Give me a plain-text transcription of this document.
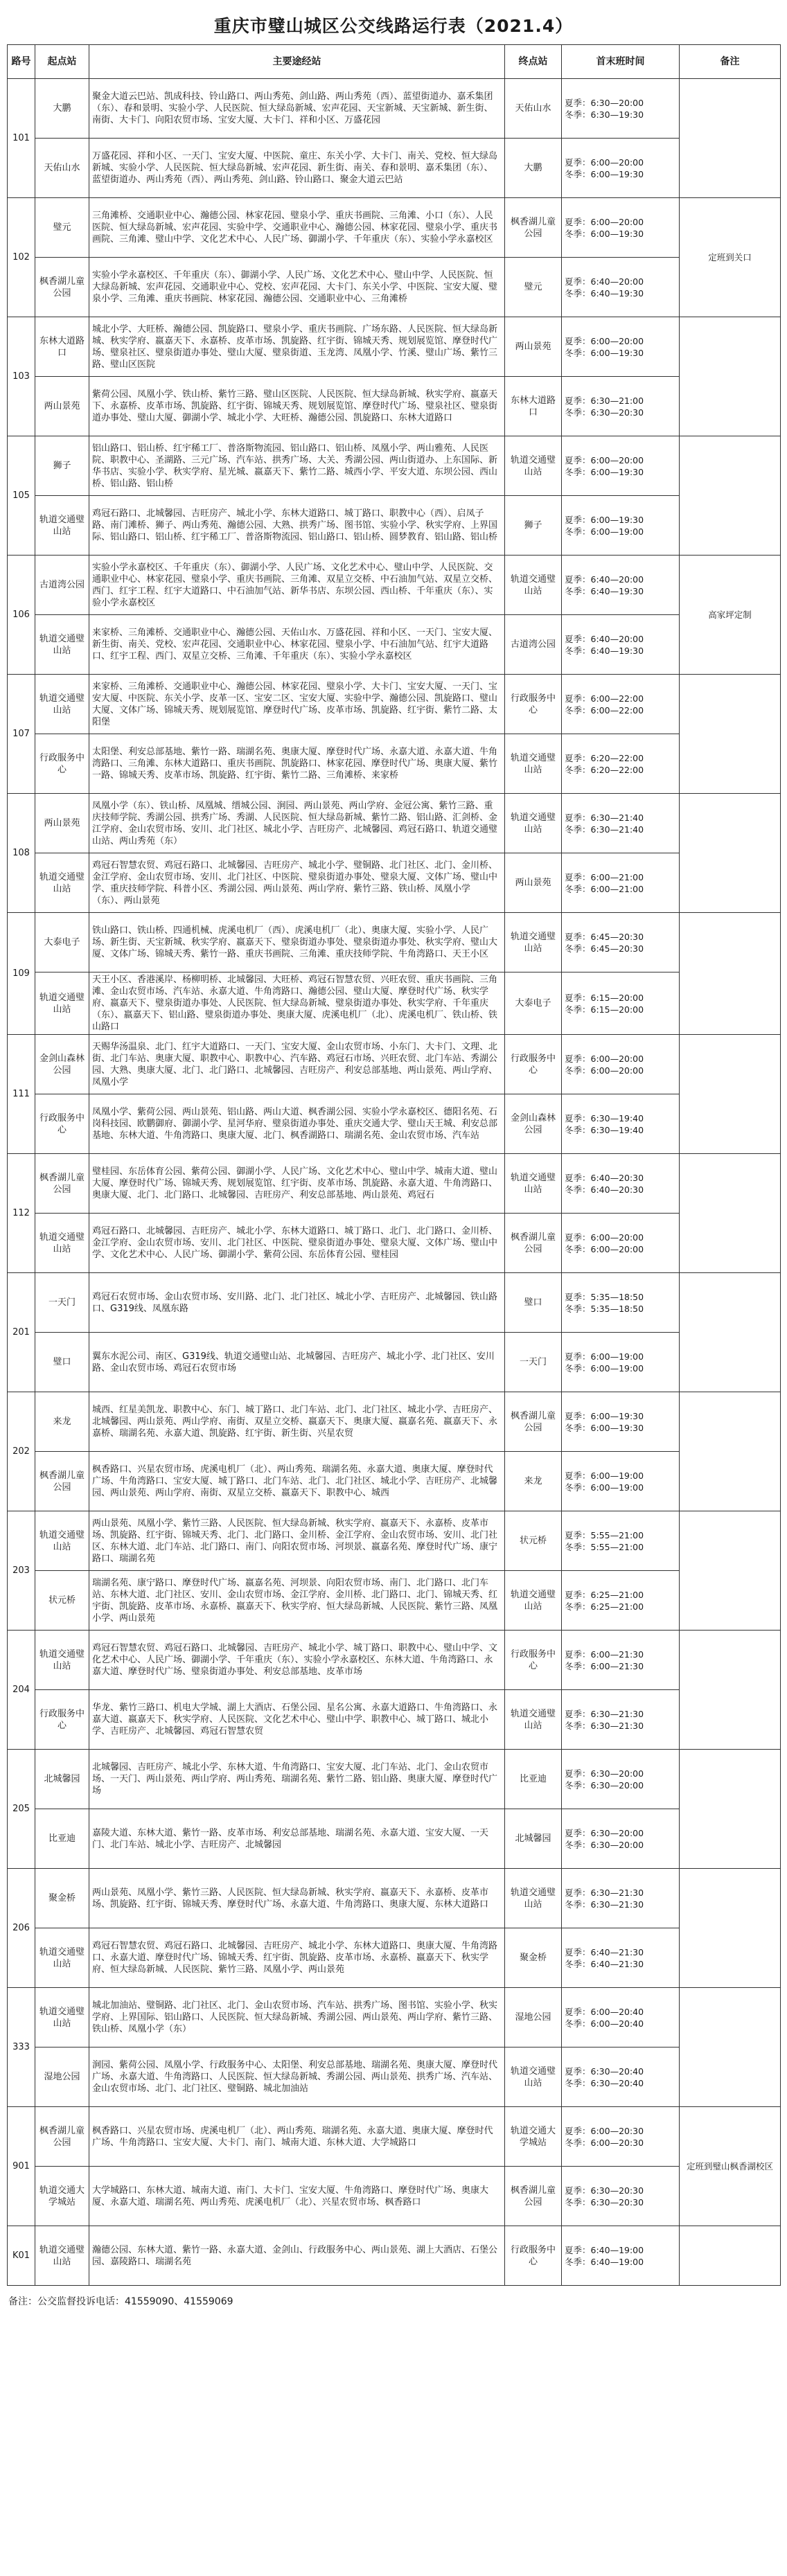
重庆市璧山城区公交线路运行表（2021.4）
路号	起点站	主要途经站	终点站	首末班时间	备注
101	大鹏	聚金大道云巴站、凯成科技、铃山路口、两山秀苑、剑山路、两山秀苑（西）、蓝望街道办、嘉禾集团（东）、春和景明、实验小学、人民医院、恒大绿岛新城、宏声花园、天宝新城、天宝新城、新生街、南街、大卡门、向阳农贸市场、宝安大厦、大卡门、祥和小区、万盛花园	天佑山水	夏季：6:30—20:00
冬季：6:30—19:30	
	天佑山水	万盛花园、祥和小区、一天门、宝安大厦、中医院、童庄、东关小学、大卡门、南关、党校、恒大绿岛新城、实验小学、人民医院、恒大绿岛新城、宏声花园、新生街、南关、春和景明、嘉禾集团（东）、蓝望街道办、两山秀苑（西）、两山秀苑、剑山路、铃山路口、聚金大道云巴站	大鹏	夏季：6:00—20:00
冬季：6:00—19:30	
102	璧元	三角滩桥、交通职业中心、瀚德公园、林家花园、璧泉小学、重庆书画院、三角滩、小口（东）、人民医院、恒大绿岛新城、宏声花园、实验中学、交通职业中心、瀚德公园、林家花园、璧泉小学、重庆书画院、三角滩、璧山中学、文化艺术中心、人民广场、御湖小学、千年重庆（东）、实验小学永嘉校区	枫香湖儿童公园	夏季：6:00—20:00
冬季：6:00—19:30	定班到关口
	枫香湖儿童公园	实验小学永嘉校区、千年重庆（东）、御湖小学、人民广场、文化艺术中心、璧山中学、人民医院、恒大绿岛新城、宏声花园、交通职业中心、党校、宏声花园、大卡门、东关小学、中医院、宝安大厦、璧泉小学、三角滩、重庆书画院、林家花园、瀚德公园、交通职业中心、三角滩桥	璧元	夏季：6:40—20:00
冬季：6:40—19:30	
103	东林大道路口	城北小学、大旺桥、瀚德公园、凯旋路口、璧泉小学、重庆书画院、广场东路、人民医院、恒大绿岛新城、秋实学府、嬴嘉天下、永嘉桥、皮革市场、凯旋路、红宇街、锦城天秀、规划展览馆、摩登时代广场、璧泉社区、璧泉街道办事处、璧山大厦、璧泉街道、玉龙湾、凤凰小学、竹溪、璧山广场、紫竹三路、璧山区医院	两山景苑	夏季：6:00—20:00
冬季：6:00—19:30	
	两山景苑	紫荷公园、凤凰小学、铁山桥、紫竹三路、璧山区医院、人民医院、恒大绿岛新城、秋实学府、嬴嘉天下、永嘉桥、皮革市场、凯旋路、红宇街、锦城天秀、规划展览馆、摩登时代广场、璧泉社区、璧泉街道办事处、璧山大厦、御湖小学、城北小学、大旺桥、瀚德公园、凯旋路口、东林大道路口	东林大道路口	夏季：6:30—21:00
冬季：6:30—20:30	
105	狮子	铝山路口、铝山桥、红宇稀工厂、普洛斯物流园、铝山路口、铝山桥、凤凰小学、两山雅苑、人民医院、职教中心、圣湖路、三元广场、汽车站、拱秀广场、大关、秀湖公园、两山街道办、上东国际、新华书店、实验小学、秋实学府、星光城、嬴嘉天下、紫竹二路、城西小学、平安大道、东坝公园、西山桥、铝山路、铝山桥	轨道交通璧山站	夏季：6:00—20:00
冬季：6:00—19:30	
	轨道交通璧山站	鸡冠石路口、北城馨园、吉旺房产、城北小学、东林大道路口、城丁路口、职教中心（西）、启凤子路、南门滩桥、狮子、两山秀苑、瀚德公园、大熟、拱秀广场、图书馆、实验小学、秋实学府、上界国际、铝山路口、铝山桥、红宇稀工厂、普洛斯物流园、铝山路口、铝山桥、圆梦教育、铝山路、铝山桥	狮子	夏季：6:00—19:30
冬季：6:00—19:00	
106	古道湾公园	实验小学永嘉校区、千年重庆（东）、御湖小学、人民广场、文化艺术中心、璧山中学、人民医院、交通职业中心、林家花园、璧泉小学、重庆书画院、三角滩、双星立交桥、中石油加气站、双星立交桥、西门、红宇工程、红宇大道路口、中石油加气站、新华书店、东坝公园、西山桥、千年重庆（东）、实验小学永嘉校区	轨道交通璧山站	夏季：6:40—20:00
冬季：6:40—19:30	高家坪定制
	轨道交通璧山站	来家桥、三角滩桥、交通职业中心、瀚德公园、天佑山水、万盛花园、祥和小区、一天门、宝安大厦、新生街、南关、党校、宏声花园、交通职业中心、林家花园、璧泉小学、中石油加气站、红宇大道路口、红宇工程、西门、双星立交桥、三角滩、千年重庆（东）、实验小学永嘉校区	古道湾公园	夏季：6:40—20:00
冬季：6:40—19:30	
107	轨道交通璧山站	来家桥、三角滩桥、交通职业中心、瀚德公园、林家花园、璧泉小学、大卡门、宝安大厦、一天门、宝安大厦、中医院、东关小学、皮革一区、宝安二区、宝安大厦、实验中学、瀚德公园、凯旋路口、璧山大厦、文体广场、锦城天秀、规划展览馆、摩登时代广场、皮革市场、凯旋路、红宇街、紫竹二路、太阳堡	行政服务中心	夏季：6:00—22:00
冬季：6:00—22:00	
	行政服务中心	太阳堡、利安总部基地、紫竹一路、瑞湖名苑、奥康大厦、摩登时代广场、永嘉大道、永嘉大道、牛角湾路口、三角滩、东林大道路口、重庆书画院、凯旋路口、林家花园、摩登时代广场、奥康大厦、紫竹一路、锦城天秀、皮革市场、凯旋路、红宇街、紫竹二路、三角滩桥、来家桥	轨道交通璧山站	夏季：6:20—22:00
冬季：6:20—22:00	
108	两山景苑	凤凰小学（东）、铁山桥、凤凰城、缙城公园、涧园、两山景苑、两山学府、金冠公寓、紫竹三路、重庆技师学院、秀湖公园、拱秀广场、秀湖、人民医院、恒大绿岛新城、紫竹二路、铝山路、汇剑桥、金江学府、金山农贸市场、安川、北门社区、城北小学、吉旺房产、北城馨园、鸡冠石路口、轨道交通璧山站、两山秀苑（东）	轨道交通璧山站	夏季：6:30—21:40
冬季：6:30—21:40	
	轨道交通璧山站	鸡冠石智慧农贸、鸡冠石路口、北城馨园、吉旺房产、城北小学、璧铜路、北门社区、北门、金川桥、金江学府、金山农贸市场、安川、北门社区、中医院、璧泉街道办事处、璧泉大厦、文体广场、璧山中学、重庆技师学院、科普小区、秀湖公园、两山景苑、两山学府、紫竹三路、铁山桥、凤凰小学（东）、两山景苑	两山景苑	夏季：6:00—21:00
冬季：6:00—21:00	
109	大泰电子	铁山路口、铁山桥、四通机械、虎溪电机厂（西）、虎溪电机厂（北）、奥康大厦、实验小学、人民广场、新生街、天宝新城、秋实学府、嬴嘉天下、璧泉街道办事处、璧泉街道办事处、秋实学府、璧山大厦、文体广场、锦城天秀、紫竹一路、重庆书画院、三角滩、重庆技师学院、牛角湾路口、天王小区	轨道交通璧山站	夏季：6:45—20:30
冬季：6:45—20:30	
	轨道交通璧山站	天王小区、香港溪岸、杨柳明桥、北城馨园、大旺桥、鸡冠石智慧农贸、兴旺农贸、重庆书画院、三角滩、金山农贸市场、汽车站、永嘉大道、牛角湾路口、瀚德公园、璧山大厦、摩登时代广场、秋实学府、嬴嘉天下、璧泉街道办事处、人民医院、恒大绿岛新城、璧泉街道办事处、秋实学府、千年重庆（东）、嬴嘉天下、铝山路、璧泉街道办事处、奥康大厦、虎溪电机厂（北）、虎溪电机厂、铁山桥、铁山路口	大泰电子	夏季：6:15—20:00
冬季：6:15—20:00	
111	金剑山森林公园	天赐华汤温泉、北门、红宇大道路口、一天门、宝安大厦、金山农贸市场、小东门、大卡门、文理、北街、北门车站、奥康大厦、职教中心、职教中心、汽车路、鸡冠石市场、兴旺农贸、北门车站、秀湖公园、大熟、奥康大厦、北门、北门路口、北城馨园、吉旺房产、利安总部基地、两山景苑、两山学府、凤凰小学	行政服务中心	夏季：6:00—20:00
冬季：6:00—20:00	
	行政服务中心	凤凰小学、紫荷公园、两山景苑、铝山路、两山大道、枫香湖公园、实验小学永嘉校区、德阳名苑、石岗科技园、欧鹏御府、御湖小学、星河华府、璧泉街道办事处、重庆交通大学、璧山天王城、利安总部基地、东林大道、牛角湾路口、奥康大厦、北门、枫香湖路口、瑞湖名苑、金山农贸市场、汽车站	金剑山森林公园	夏季：6:30—19:40
冬季：6:30—19:40	
112	枫香湖儿童公园	璧桂园、东岳体育公园、紫荷公园、御湖小学、人民广场、文化艺术中心、璧山中学、城南大道、璧山大厦、摩登时代广场、锦城天秀、规划展览馆、红宇街、皮革市场、凯旋路、永嘉大道、牛角湾路口、奥康大厦、北门、北门路口、北城馨园、吉旺房产、利安总部基地、两山景苑、鸡冠石	轨道交通璧山站	夏季：6:40—20:30
冬季：6:40—20:30	
	轨道交通璧山站	鸡冠石路口、北城馨园、吉旺房产、城北小学、东林大道路口、城丁路口、北门、北门路口、金川桥、金江学府、金山农贸市场、安川、北门社区、中医院、璧泉街道办事处、璧泉大厦、文体广场、璧山中学、文化艺术中心、人民广场、御湖小学、紫荷公园、东岳体育公园、璧桂园	枫香湖儿童公园	夏季：6:00—20:00
冬季：6:00—20:00	
201	一天门	鸡冠石农贸市场、金山农贸市场、安川路、北门、北门社区、城北小学、吉旺房产、北城馨园、铁山路口、G319线、凤凰东路	璧口	夏季：5:35—18:50
冬季：5:35—18:50	
	璧口	翼东水泥公司、南区、G319线、轨道交通璧山站、北城馨园、吉旺房产、城北小学、北门社区、安川路、金山农贸市场、鸡冠石农贸市场	一天门	夏季：6:00—19:00
冬季：6:00—19:00	
202	来龙	城西、红星美凯龙、职教中心、东门、城丁路口、北门车站、北门、北门社区、城北小学、吉旺房产、北城馨园、两山景苑、两山学府、南街、双星立交桥、嬴嘉天下、奥康大厦、嬴嘉名苑、嬴嘉天下、永嘉桥、瑞湖名苑、永嘉大道、凯旋路、红宇街、新生街、兴星农贸	枫香湖儿童公园	夏季：6:00—19:30
冬季：6:00—19:30	
	枫香湖儿童公园	枫香路口、兴星农贸市场、虎溪电机厂（北）、两山秀苑、瑞湖名苑、永嘉大道、奥康大厦、摩登时代广场、牛角湾路口、宝安大厦、城丁路口、北门车站、北门、北门社区、城北小学、吉旺房产、北城馨园、两山景苑、两山学府、南街、双星立交桥、嬴嘉天下、职教中心、城西	来龙	夏季：6:00—19:00
冬季：6:00—19:00	
203	轨道交通璧山站	两山景苑、凤凰小学、紫竹三路、人民医院、恒大绿岛新城、秋实学府、嬴嘉天下、永嘉桥、皮革市场、凯旋路、红宇街、锦城天秀、北门、北门路口、金川桥、金江学府、金山农贸市场、安川、北门社区、东林大道、北门车站、北门路口、南门、向阳农贸市场、河坝景、嬴嘉名苑、摩登时代广场、康宁路口、瑞湖名苑	状元桥	夏季：5:55—21:00
冬季：5:55—21:00	
	状元桥	瑞湖名苑、康宁路口、摩登时代广场、嬴嘉名苑、河坝景、向阳农贸市场、南门、北门路口、北门车站、东林大道、北门社区、安川、金山农贸市场、金江学府、金川桥、北门路口、北门、锦城天秀、红宇街、凯旋路、皮革市场、永嘉桥、嬴嘉天下、秋实学府、恒大绿岛新城、人民医院、紫竹三路、凤凰小学、两山景苑	轨道交通璧山站	夏季：6:25—21:00
冬季：6:25—21:00	
204	轨道交通璧山站	鸡冠石智慧农贸、鸡冠石路口、北城馨园、吉旺房产、城北小学、城丁路口、职教中心、璧山中学、文化艺术中心、人民广场、御湖小学、千年重庆（东）、实验小学永嘉校区、东林大道、牛角湾路口、永嘉大道、摩登时代广场、璧泉街道办事处、利安总部基地、皮革市场	行政服务中心	夏季：6:00—21:30
冬季：6:00—21:30	
	行政服务中心	华龙、紫竹三路口、机电大学城、湖上大酒店、石堡公园、星名公寓、永嘉大道路口、牛角湾路口、永嘉大道、嬴嘉天下、秋实学府、人民医院、文化艺术中心、璧山中学、职教中心、城丁路口、城北小学、吉旺房产、北城馨园、鸡冠石智慧农贸	轨道交通璧山站	夏季：6:30—21:30
冬季：6:30—21:30	
205	北城馨园	北城馨园、吉旺房产、城北小学、东林大道、牛角湾路口、宝安大厦、北门车站、北门、金山农贸市场、一天门、两山景苑、两山学府、两山秀苑、瑞湖名苑、紫竹二路、铝山路、奥康大厦、摩登时代广场	比亚迪	夏季：6:30—20:00
冬季：6:30—20:00	
	比亚迪	嘉陵大道、东林大道、紫竹一路、皮革市场、利安总部基地、瑞湖名苑、永嘉大道、宝安大厦、一天门、北门车站、城北小学、吉旺房产、北城馨园	北城馨园	夏季：6:30—20:00
冬季：6:30—20:00	
206	聚金桥	两山景苑、凤凰小学、紫竹三路、人民医院、恒大绿岛新城、秋实学府、嬴嘉天下、永嘉桥、皮革市场、凯旋路、红宇街、锦城天秀、摩登时代广场、永嘉大道、牛角湾路口、奥康大厦、东林大道路口	轨道交通璧山站	夏季：6:30—21:30
冬季：6:30—21:30	
	轨道交通璧山站	鸡冠石智慧农贸、鸡冠石路口、北城馨园、吉旺房产、城北小学、东林大道路口、奥康大厦、牛角湾路口、永嘉大道、摩登时代广场、锦城天秀、红宇街、凯旋路、皮革市场、永嘉桥、嬴嘉天下、秋实学府、恒大绿岛新城、人民医院、紫竹三路、凤凰小学、两山景苑	聚金桥	夏季：6:40—21:30
冬季：6:40—21:30	
333	轨道交通璧山站	城北加油站、璧铜路、北门社区、北门、金山农贸市场、汽车站、拱秀广场、图书馆、实验小学、秋实学府、上界国际、铝山路口、人民医院、恒大绿岛新城、秀湖公园、两山景苑、两山学府、紫竹三路、铁山桥、凤凰小学（东）	湿地公园	夏季：6:00—20:40
冬季：6:00—20:40	
	湿地公园	涧园、紫荷公园、凤凰小学、行政服务中心、太阳堡、利安总部基地、瑞湖名苑、奥康大厦、摩登时代广场、永嘉大道、牛角湾路口、人民医院、恒大绿岛新城、秀湖公园、两山景苑、拱秀广场、汽车站、金山农贸市场、北门、北门社区、璧铜路、城北加油站	轨道交通璧山站	夏季：6:30—20:40
冬季：6:30—20:40	
901	枫香湖儿童公园	枫香路口、兴星农贸市场、虎溪电机厂（北）、两山秀苑、瑞湖名苑、永嘉大道、奥康大厦、摩登时代广场、牛角湾路口、宝安大厦、大卡门、南门、城南大道、东林大道、大学城路口	轨道交通大学城站	夏季：6:00—20:30
冬季：6:00—20:30	定班到璧山枫香湖校区
	轨道交通大学城站	大学城路口、东林大道、城南大道、南门、大卡门、宝安大厦、牛角湾路口、摩登时代广场、奥康大厦、永嘉大道、瑞湖名苑、两山秀苑、虎溪电机厂（北）、兴星农贸市场、枫香路口	枫香湖儿童公园	夏季：6:30—20:30
冬季：6:30—20:30	
K01	轨道交通璧山站	瀚德公园、东林大道、紫竹一路、永嘉大道、金剑山、行政服务中心、两山景苑、湖上大酒店、石堡公园、嘉陵路口、瑞湖名苑	行政服务中心	夏季：6:40—19:00
冬季：6:40—19:00	
备注：公交监督投诉电话：41559090、41559069
